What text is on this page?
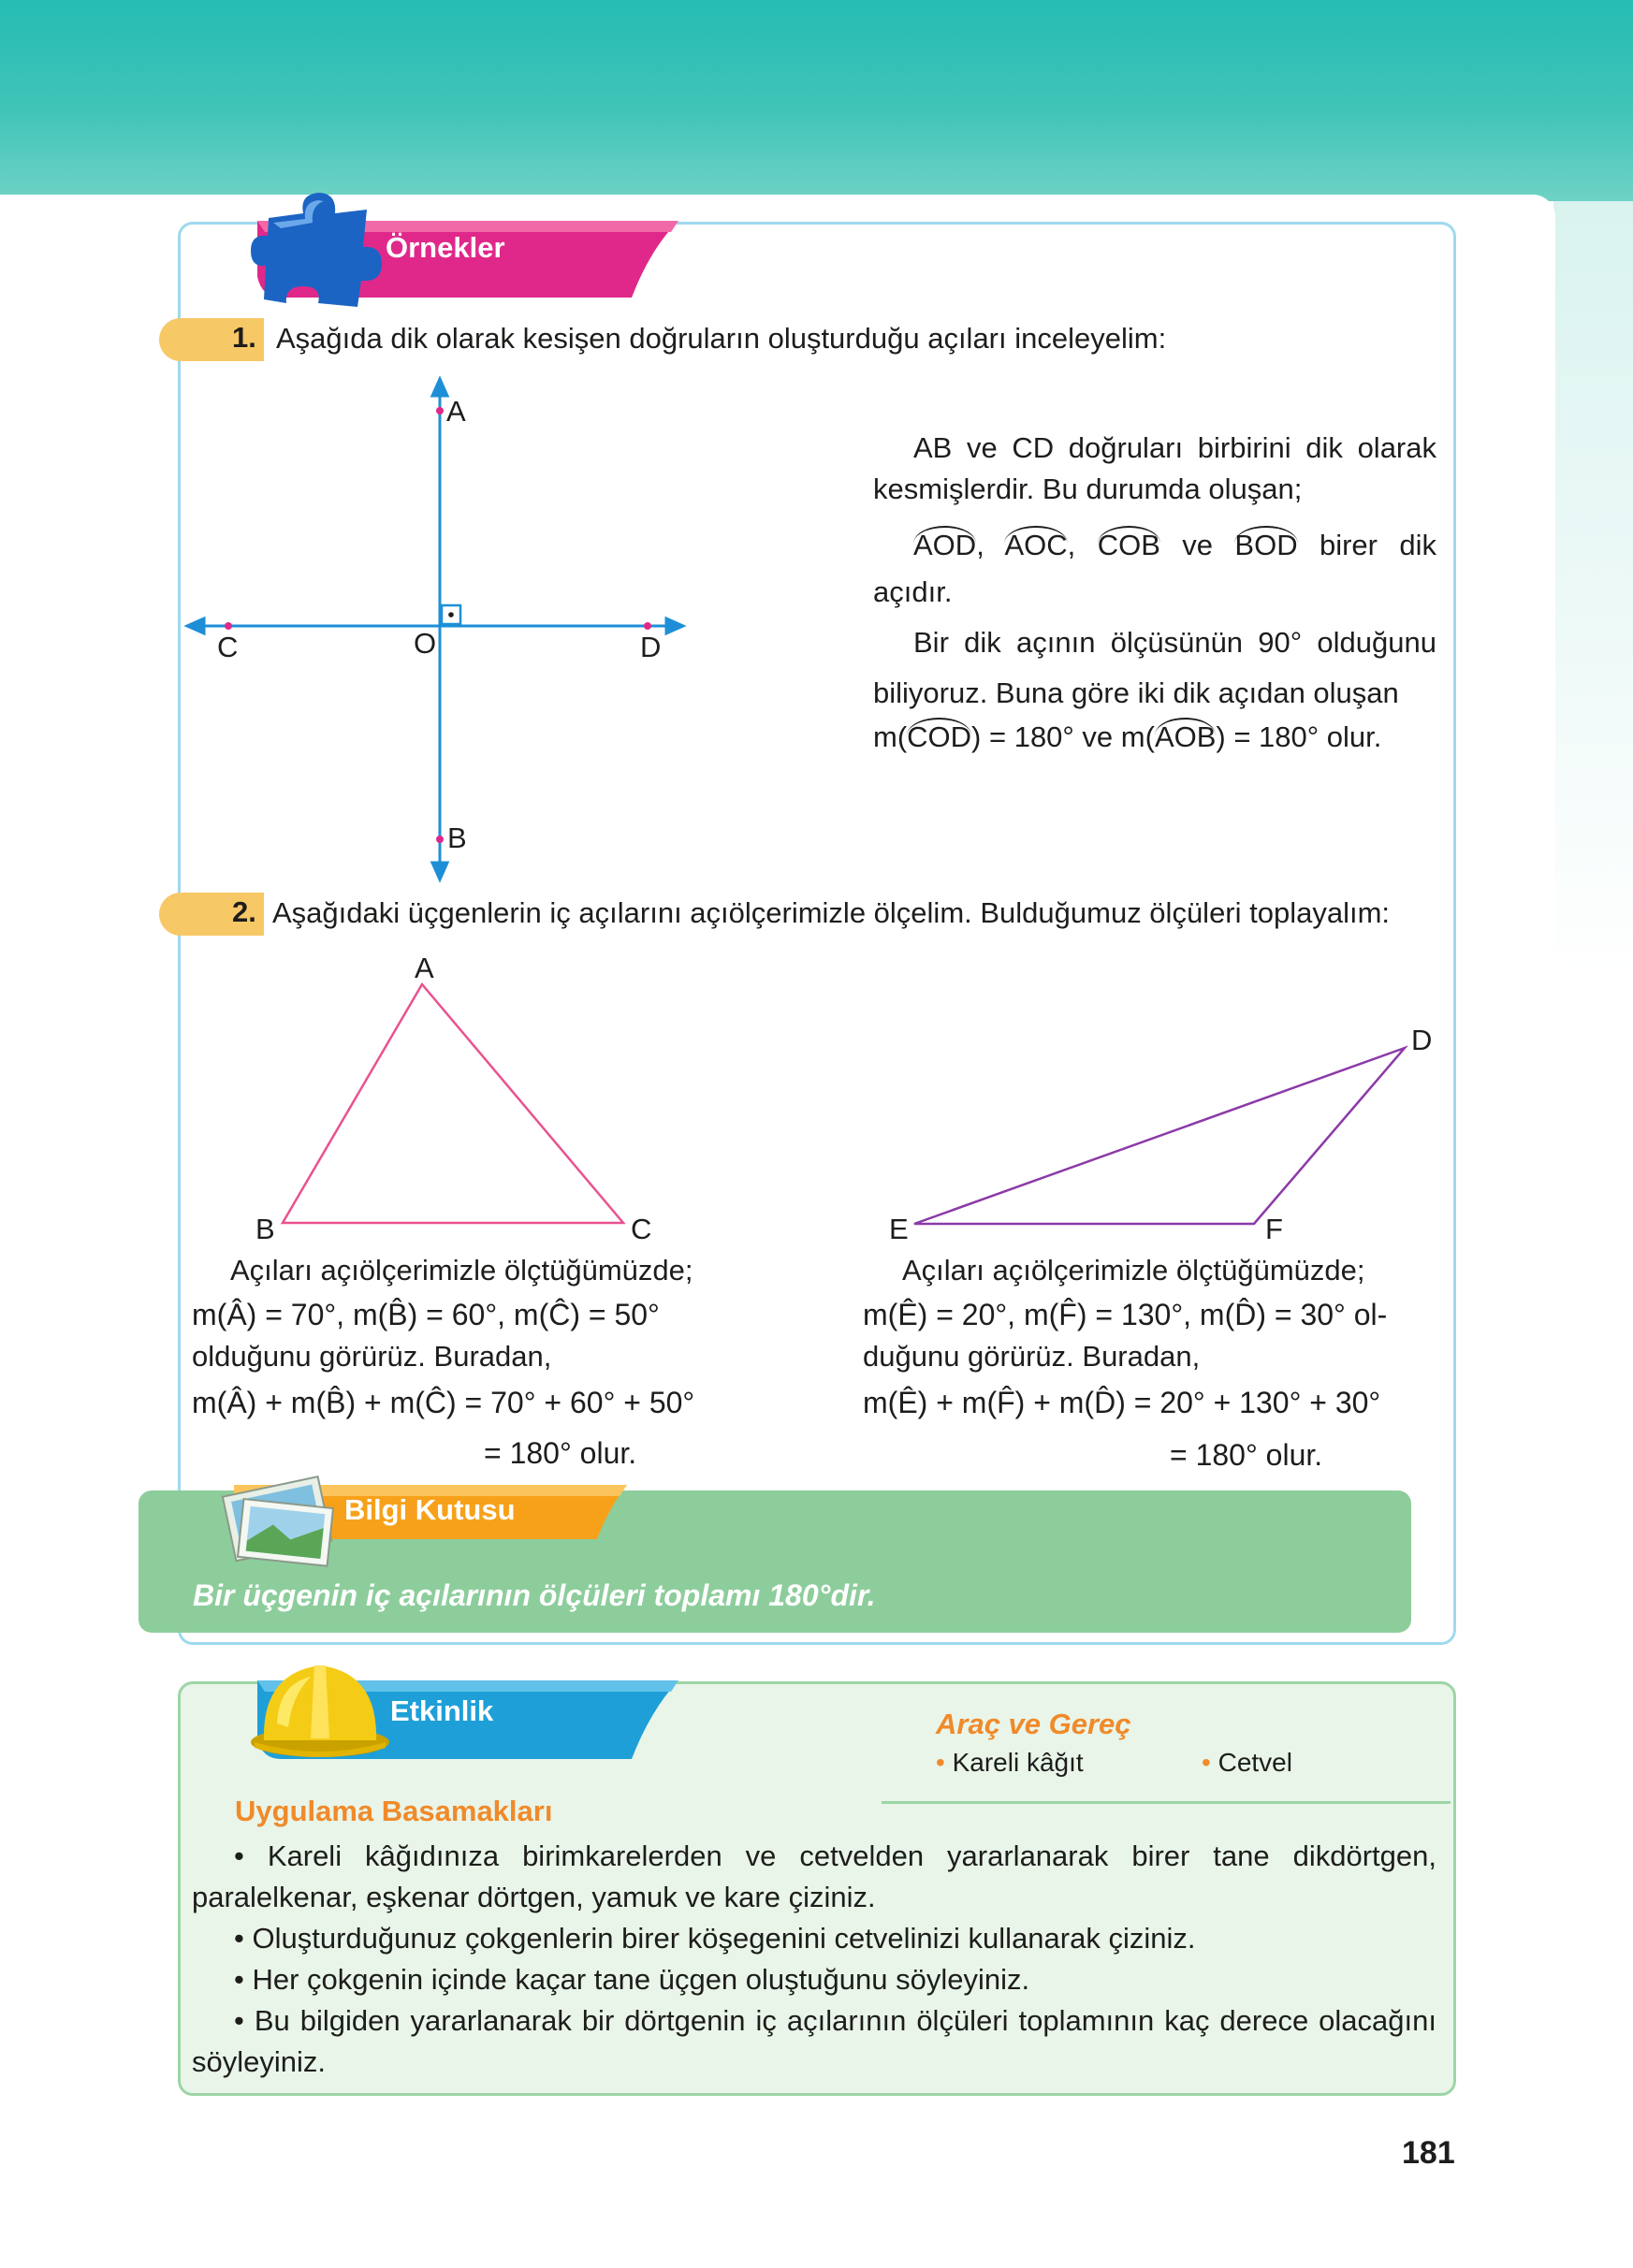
Örnekler
1. Aşağıda dik olarak kesişen doğruların oluşturduğu açıları inceleyelim:
A
B
C	D
O
AB ve CD doğruları birbirini dik olarak kesmişlerdir. Bu durumda oluşan;
AOD, AOC, COB ve BOD birer dik açıdır.
Bir dik açının ölçüsünün 90° olduğunu biliyoruz. Buna göre iki dik açıdan oluşan
m(COD) = 180° ve m(AOB) = 180° olur.
2. Aşağıdaki üçgenlerin iç açılarını açıölçerimizle ölçelim. Bulduğumuz ölçüleri toplayalım:
A
B	C
D
E	F
Açıları açıölçerimizle ölçtüğümüzde;
m(Â) = 70°, m(B̂) = 60°, m(Ĉ) = 50°
olduğunu görürüz. Buradan,
m(Â) + m(B̂) + m(Ĉ) = 70° + 60° + 50°
= 180° olur.
Açıları açıölçerimizle ölçtüğümüzde;
m(Ê) = 20°, m(F̂) = 130°, m(D̂) = 30° ol-
duğunu görürüz. Buradan,
m(Ê) + m(F̂) + m(D̂) = 20° + 130° + 30°
= 180° olur.
Bilgi Kutusu
Bir üçgenin iç açılarının ölçüleri toplamı 180°dir.
Etkinlik	Araç ve Gereç
• Kareli kâğıt	• Cetvel
Uygulama Basamakları
• Kareli kâğıdınıza birimkarelerden ve cetvelden yararlanarak birer tane dikdörtgen, paralelkenar, eşkenar dörtgen, yamuk ve kare çiziniz.
• Oluşturduğunuz çokgenlerin birer köşegenini cetvelinizi kullanarak çiziniz.
• Her çokgenin içinde kaçar tane üçgen oluştuğunu söyleyiniz.
• Bu bilgiden yararlanarak bir dörtgenin iç açılarının ölçüleri toplamının kaç derece olacağını söyleyiniz.
181
